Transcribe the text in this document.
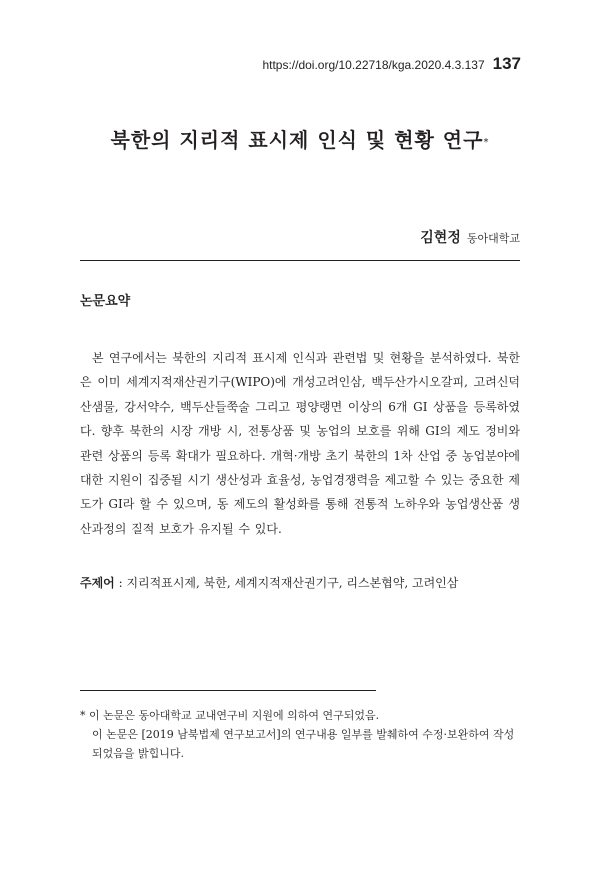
https://doi.org/10.22718/kga.2020.4.3.137 137
북한의 지리적 표시제 인식 및 현황 연구*
김현정 동아대학교
논문요약

본 연구에서는 북한의 지리적 표시제 인식과 관련법 및 현황을 분석하였다. 북한은 이미 세계지적재산권기구(WIPO)에 개성고려인삼, 백두산가시오갈피, 고려신덕산샘물, 강서약수, 백두산들쭉술 그리고 평양랭면 이상의 6개 GI 상품을 등록하였다. 향후 북한의 시장 개방 시, 전통상품 및 농업의 보호를 위해 GI의 제도 정비와 관련 상품의 등록 확대가 필요하다. 개혁·개방 초기 북한의 1차 산업 중 농업분야에 대한 지원이 집중될 시기 생산성과 효율성, 농업경쟁력을 제고할 수 있는 중요한 제도가 GI라 할 수 있으며, 동 제도의 활성화를 통해 전통적 노하우와 농업생산품 생산과정의 질적 보호가 유지될 수 있다.

주제어 : 지리적표시제, 북한, 세계지적재산권기구, 리스본협약, 고려인삼
* 이 논문은 동아대학교 교내연구비 지원에 의하여 연구되었음.
이 논문은 [2019 남북법제 연구보고서]의 연구내용 일부를 발췌하여 수정·보완하여 작성되었음을 밝힙니다.
